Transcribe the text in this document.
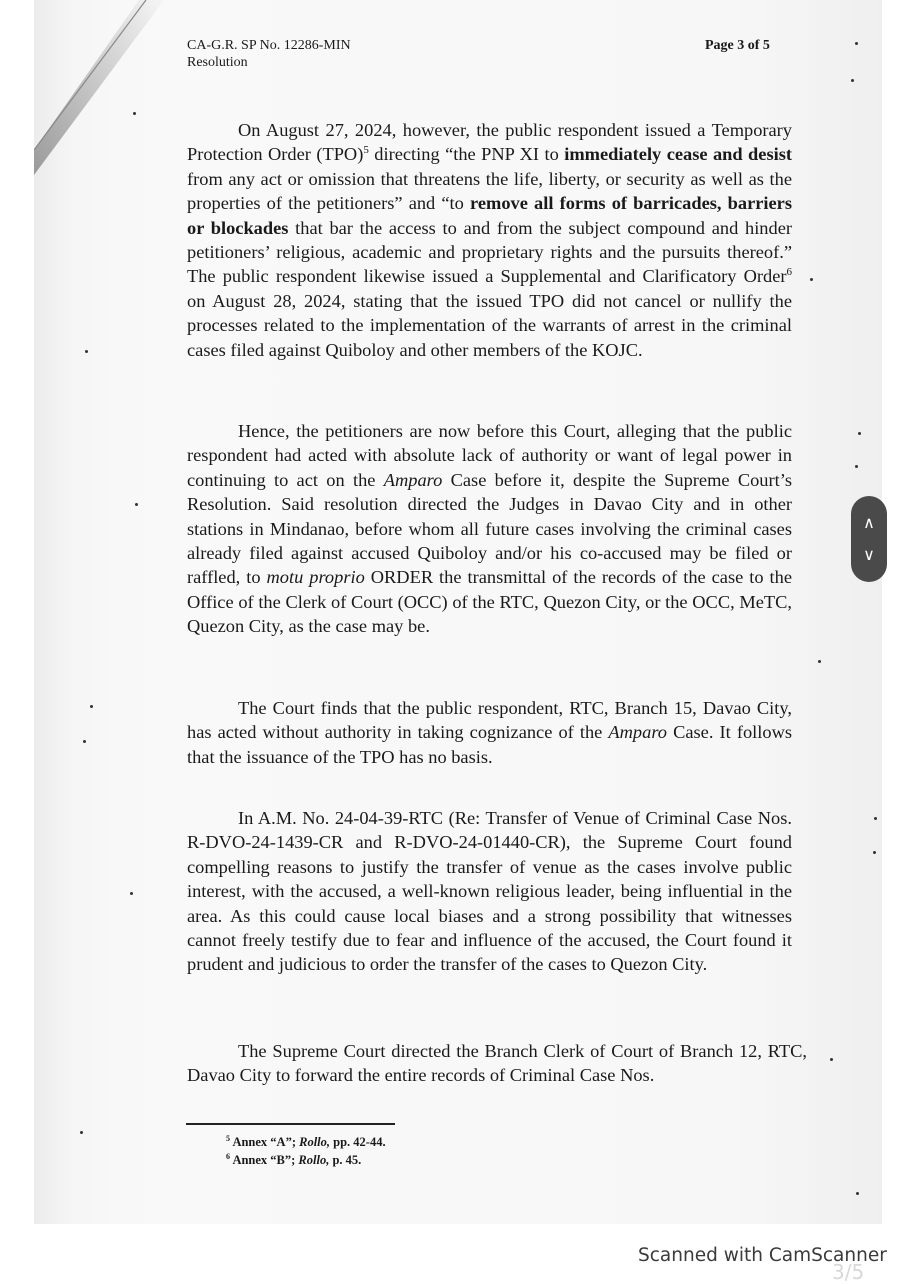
CA-G.R. SP No. 12286-MIN
Resolution
Page 3 of 5

On August 27, 2024, however, the public respondent issued a Temporary Protection Order (TPO)$^5$ directing “the PNP XI to immediately cease and desist from any act or omission that threatens the life, liberty, or security as well as the properties of the petitioners” and “to remove all forms of barricades, barriers or blockades that bar the access to and from the subject compound and hinder petitioners’ religious, academic and proprietary rights and the pursuits thereof.” The public respondent likewise issued a Supplemental and Clarificatory Order$^6$ on August 28, 2024, stating that the issued TPO did not cancel or nullify the processes related to the implementation of the warrants of arrest in the criminal cases filed against Quiboloy and other members of the KOJC.

Hence, the petitioners are now before this Court, alleging that the public respondent had acted with absolute lack of authority or want of legal power in continuing to act on the Amparo Case before it, despite the Supreme Court’s Resolution. Said resolution directed the Judges in Davao City and in other stations in Mindanao, before whom all future cases involving the criminal cases already filed against accused Quiboloy and/or his co-accused may be filed or raffled, to motu proprio ORDER the transmittal of the records of the case to the Office of the Clerk of Court (OCC) of the RTC, Quezon City, or the OCC, MeTC, Quezon City, as the case may be.

The Court finds that the public respondent, RTC, Branch 15, Davao City, has acted without authority in taking cognizance of the Amparo Case. It follows that the issuance of the TPO has no basis.

In A.M. No. 24-04-39-RTC (Re: Transfer of Venue of Criminal Case Nos. R-DVO-24-1439-CR and R-DVO-24-01440-CR), the Supreme Court found compelling reasons to justify the transfer of venue as the cases involve public interest, with the accused, a well-known religious leader, being influential in the area. As this could cause local biases and a strong possibility that witnesses cannot freely testify due to fear and influence of the accused, the Court found it prudent and judicious to order the transfer of the cases to Quezon City.

The Supreme Court directed the Branch Clerk of Court of Branch 12, RTC, Davao City to forward the entire records of Criminal Case Nos.

$^5$ Annex “A”; Rollo, pp. 42-44.
$^6$ Annex “B”; Rollo, p. 45.
∧
∨
Scanned with CamScanner
3/5
